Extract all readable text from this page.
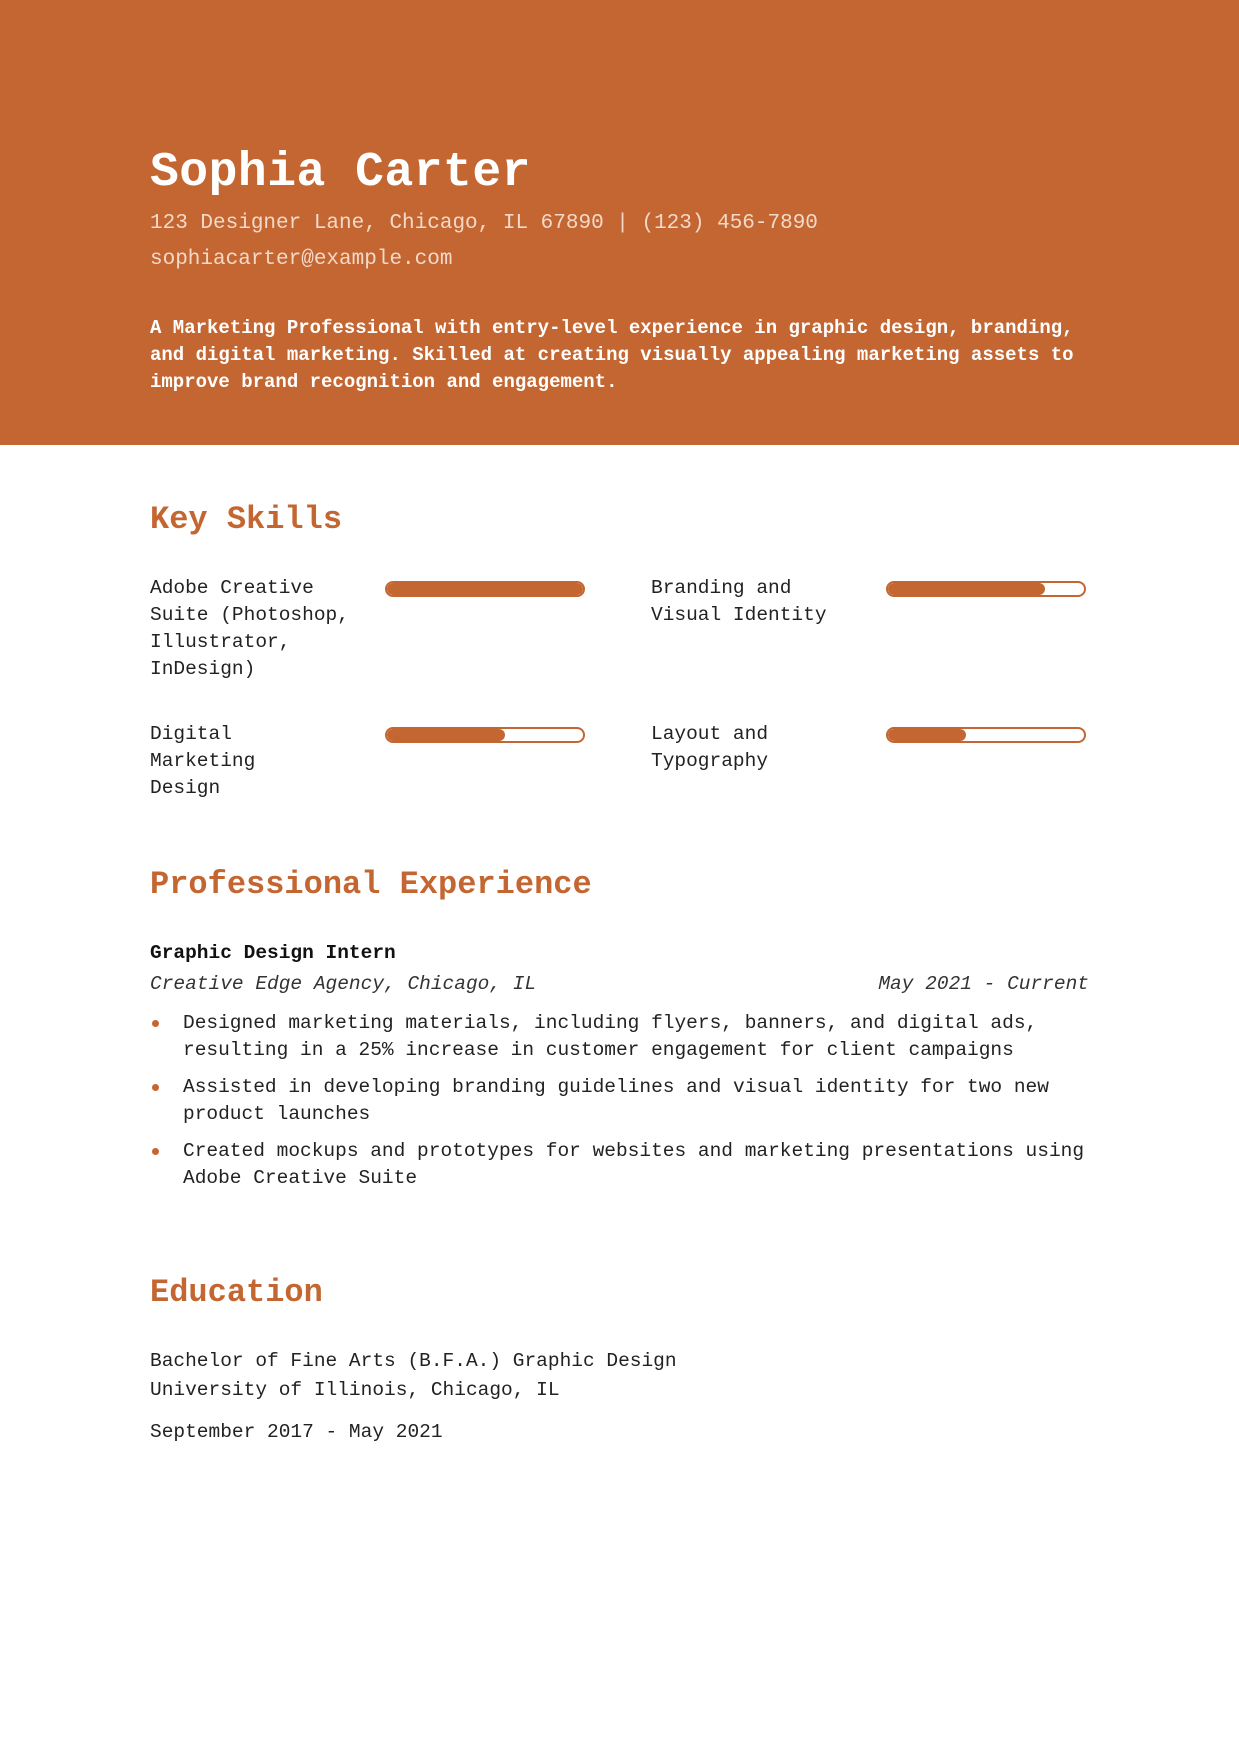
Sophia Carter
123 Designer Lane, Chicago, IL 67890 | (123) 456-7890
sophiacarter@example.com
A Marketing Professional with entry-level experience in graphic design, branding, and digital marketing. Skilled at creating visually appealing marketing assets to improve brand recognition and engagement.
Key Skills
Adobe Creative Suite (Photoshop, Illustrator, InDesign)
Branding and Visual Identity
Digital Marketing Design
Layout and Typography
Professional Experience
Graphic Design Intern
Creative Edge Agency, Chicago, IL	May 2021 - Current
Designed marketing materials, including flyers, banners, and digital ads, resulting in a 25% increase in customer engagement for client campaigns
Assisted in developing branding guidelines and visual identity for two new product launches
Created mockups and prototypes for websites and marketing presentations using Adobe Creative Suite
Education
Bachelor of Fine Arts (B.F.A.) Graphic Design
University of Illinois, Chicago, IL
September 2017 - May 2021
